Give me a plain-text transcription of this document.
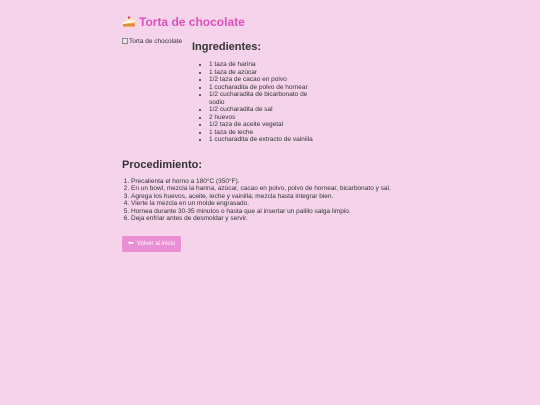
Torta de chocolate
Torta de chocolate Ingredientes:
• 1 taza de harina
• 1 taza de azúcar
• 1/2 taza de cacao en polvo
• 1 cucharadita de polvo de hornear
• 1/2 cucharadita de bicarbonato de sodio
• 1/2 cucharadita de sal
• 2 huevos
• 1/2 taza de aceite vegetal
• 1 taza de leche
• 1 cucharadita de extracto de vainilla
Procedimiento:
1. Precalienta el horno a 180°C (350°F).
2. En un bowl, mezcla la harina, azúcar, cacao en polvo, polvo de hornear, bicarbonato y sal.
3. Agrega los huevos, aceite, leche y vainilla; mezcla hasta integrar bien.
4. Vierte la mezcla en un molde engrasado.
5. Hornea durante 30-35 minutos o hasta que al insertar un palillo salga limpio.
6. Deja enfriar antes de desmoldar y servir.
⬅ Volver al inicio
